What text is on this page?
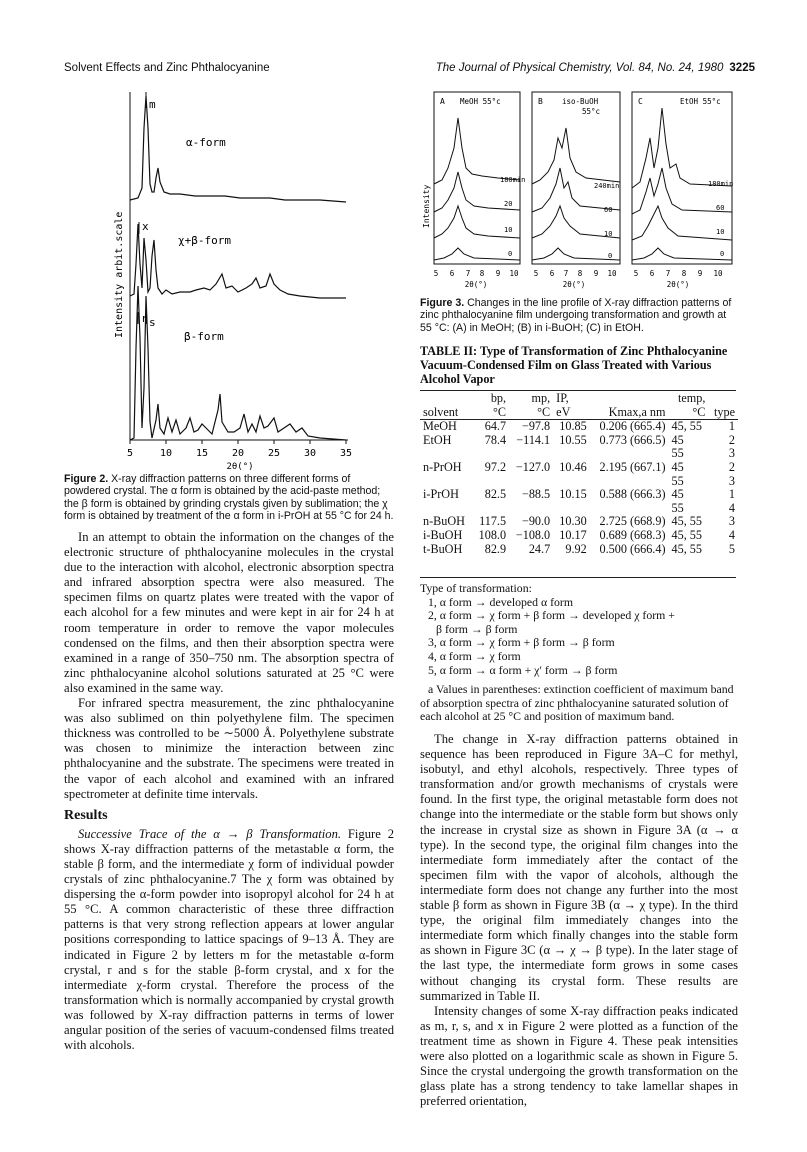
Solvent Effects and Zinc Phthalocyanine	The Journal of Physical Chemistry, Vol. 84, No. 24, 1980 3225
5	10 15 20 25 30 35
2θ(°)
Intensity arbit.scale
m
x
r s
α-form
χ+β-form
β-form
Figure 2. X-ray diffraction patterns on three different forms of powdered crystal. The α form is obtained by the acid-paste method; the β form is obtained by grinding crystals given by sublimation; the χ form is obtained by treatment of the α form in i-PrOH at 55 °C for 24 h.

In an attempt to obtain the information on the changes of the electronic structure of phthalocyanine molecules in the crystal due to the interaction with alcohol, electronic absorption spectra and infrared absorption spectra were also measured. The specimen films on quartz plates were treated with the vapor of each alcohol for a few minutes and were kept in air for 24 h at room temperature in order to remove the vapor molecules condensed on the films, and then their absorption spectra were examined in a range of 350–750 nm. The absorption spectra of zinc phthalocyanine alcohol solutions saturated at 25 °C were also examined in the same way.

For infrared spectra measurement, the zinc phthalocyanine was also sublimed on thin polyethylene film. The specimen thickness was controlled to be ∼5000 Å. Polyethylene substrate was chosen to minimize the interaction between zinc phthalocyanine and the substrate. The specimens were treated in the vapor of each alcohol and examined with an infrared spectrometer at definite time intervals.

Results

Successive Trace of the α → β Transformation. Figure 2 shows X-ray diffraction patterns of the metastable α form, the stable β form, and the intermediate χ form of individual powder crystals of zinc phthalocyanine.7 The χ form was obtained by dispersing the α-form powder into isopropyl alcohol for 24 h at 55 °C. A common characteristic of these three diffraction patterns is that very strong reflection appears at lower angular positions corresponding to lattice spacings of 9–13 Å. They are indicated in Figure 2 by letters m for the metastable α-form crystal, r and s for the stable β-form crystal, and x for the intermediate χ-form crystal. Therefore the process of the transformation which is normally accompanied by crystal growth was followed by X-ray diffraction patterns in terms of lower angular position of the series of vacuum-condensed films treated with alcohols.

Intensity
A MeOH 55°c
180min
20
10
0
B	iso-BuOH
55°c
240min
60
10
0
C	EtOH 55°c
180min
60
10
0
5 6 7 8 9 10
2θ(°)
5 6 7 8 9 10
2θ(°)
5 6 7 8 9 10
2θ(°)
Figure 3. Changes in the line profile of X-ray diffraction patterns of zinc phthalocyanine film undergoing transformation and growth at 55 °C: (A) in MeOH; (B) in i-BuOH; (C) in EtOH.
TABLE II: Type of Transformation of Zinc Phthalocyanine Vacuum-Condensed Film on Glass Treated with Various Alcohol Vapor
	bp,	mp,	IP,		temp,	
solvent	°C	°C	eV	Kmax,a nm	°C	type
MeOH	64.7	−97.8	10.85	0.206 (665.4)	45, 55	1
EtOH	78.4	−114.1	10.55	0.773 (666.5)	45	2
					55	3
n-PrOH	97.2	−127.0	10.46	2.195 (667.1)	45	2
					55	3
i-PrOH	82.5	−88.5	10.15	0.588 (666.3)	45	1
					55	4
n-BuOH	117.5	−90.0	10.30	2.725 (668.9)	45, 55	3
i-BuOH	108.0	−108.0	10.17	0.689 (668.3)	45, 55	4
t-BuOH	82.9	24.7	9.92	0.500 (666.4)	45, 55	5
Type of transformation:
1, α form → developed α form
2, α form → χ form + β form → developed χ form +
β form → β form
3, α form → χ form + β form → β form
4, α form → χ form
5, α form → α form + χ′ form → β form
a Values in parentheses: extinction coefficient of maximum band of absorption spectra of zinc phthalocyanine saturated solution of each alcohol at 25 °C and position of maximum band.

The change in X-ray diffraction patterns obtained in sequence has been reproduced in Figure 3A–C for methyl, isobutyl, and ethyl alcohols, respectively. Three types of transformation and/or growth mechanisms of crystals were found. In the first type, the original metastable form does not change into the intermediate or the stable form but shows only the increase in crystal size as shown in Figure 3A (α → α type). In the second type, the original film changes into the intermediate form immediately after the contact of the specimen film with the vapor of alcohols, although the intermediate form does not change any further into the most stable β form as shown in Figure 3B (α → χ type). In the third type, the original film immediately changes into the intermediate form which finally changes into the stable form as shown in Figure 3C (α → χ → β type). In the later stage of the last type, the intermediate form grows in some cases without changing its crystal form. These results are summarized in Table II.

Intensity changes of some X-ray diffraction peaks indicated as m, r, s, and x in Figure 2 were plotted as a function of the treatment time as shown in Figure 4. These peak intensities were also plotted on a logarithmic scale as shown in Figure 5. Since the crystal undergoing the growth transformation on the glass plate has a strong tendency to take lamellar shapes in preferred orientation,
